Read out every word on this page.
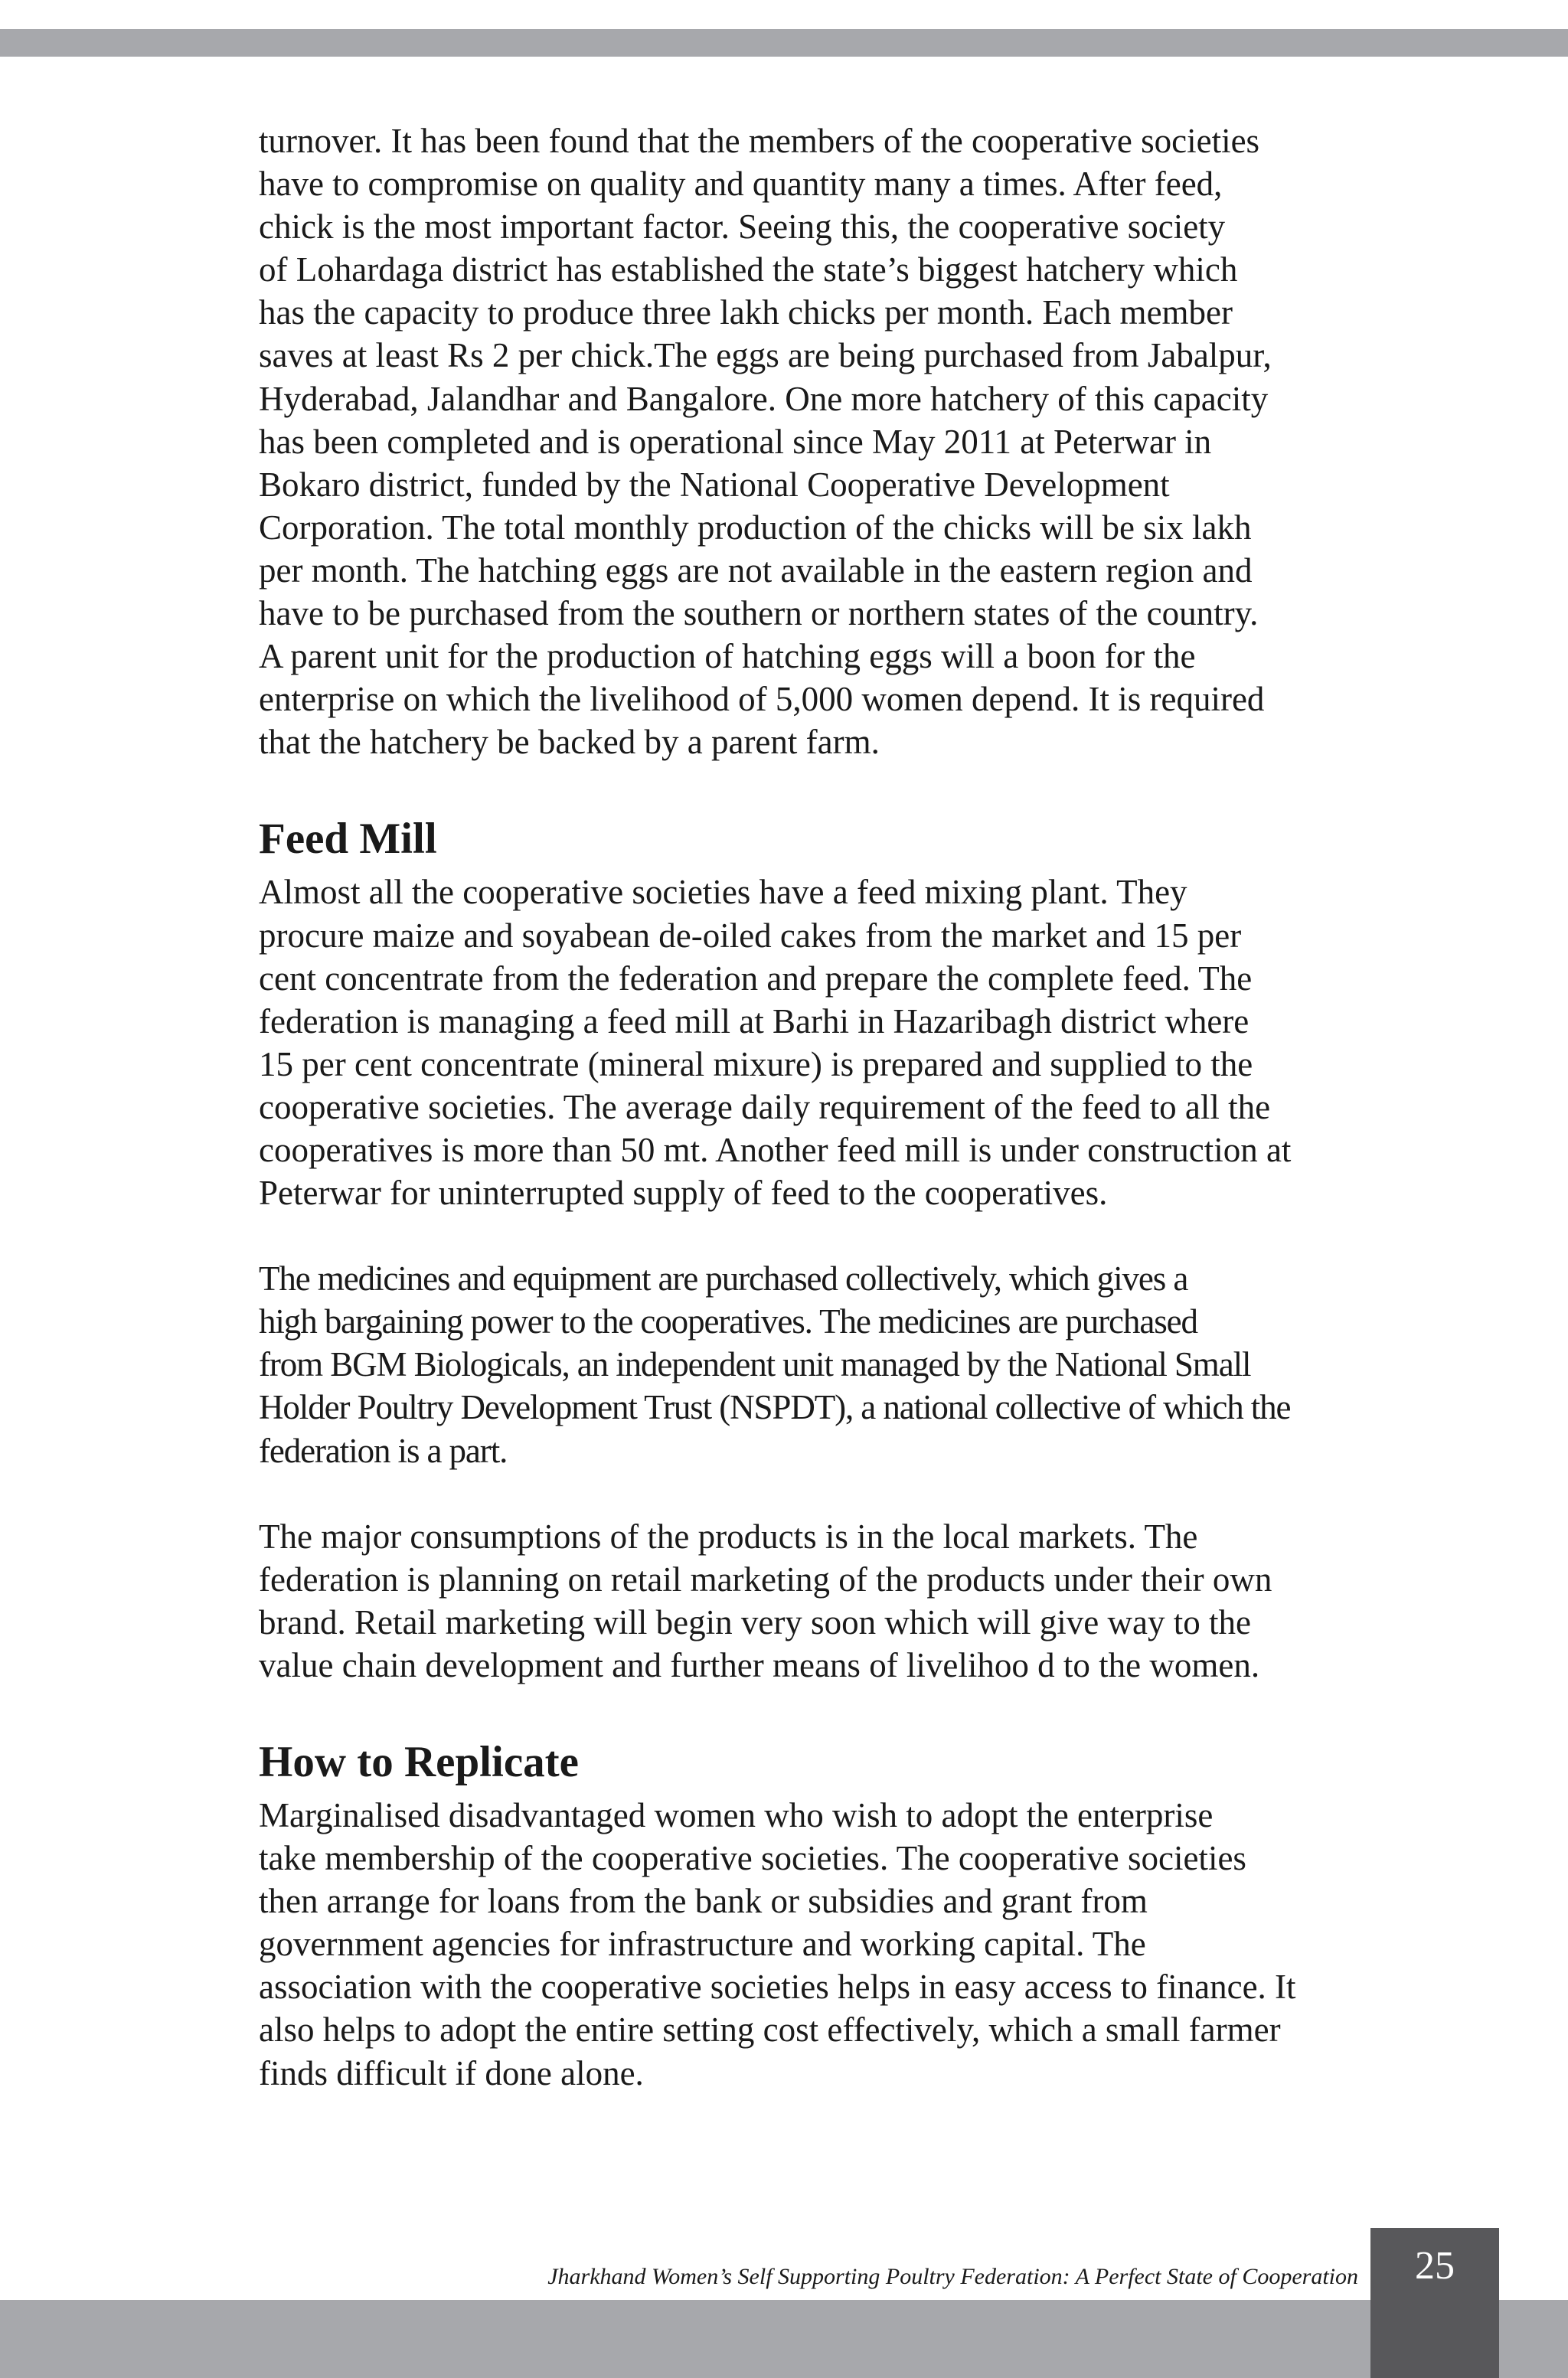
turnover. It has been found that the members of the cooperative societies
have to compromise on quality and quantity many a times. After feed,
chick is the most important factor. Seeing this, the cooperative society
of Lohardaga district has established the state’s biggest hatchery which
has the capacity to produce three lakh chicks per month. Each member
saves at least Rs 2 per chick.The eggs are being purchased from Jabalpur,
Hyderabad, Jalandhar and Bangalore. One more hatchery of this capacity
has been completed and is operational since May 2011 at Peterwar in
Bokaro district, funded by the National Cooperative Development
Corporation. The total monthly production of the chicks will be six lakh
per month. The hatching eggs are not available in the eastern region and
have to be purchased from the southern or northern states of the country.
A parent unit for the production of hatching eggs will a boon for the
enterprise on which the livelihood of 5,000 women depend. It is required
that the hatchery be backed by a parent farm.

Feed Mill

Almost all the cooperative societies have a feed mixing plant. They
procure maize and soyabean de-oiled cakes from the market and 15 per
cent concentrate from the federation and prepare the complete feed. The
federation is managing a feed mill at Barhi in Hazaribagh district where
15 per cent concentrate (mineral mixure) is prepared and supplied to the
cooperative societies. The average daily requirement of the feed to all the
cooperatives is more than 50 mt. Another feed mill is under construction at
Peterwar for uninterrupted supply of feed to the cooperatives.

The medicines and equipment are purchased collectively, which gives a
high bargaining power to the cooperatives. The medicines are purchased
from BGM Biologicals, an independent unit managed by the National Small
Holder Poultry Development Trust (NSPDT), a national collective of which the
federation is a part.

The major consumptions of the products is in the local markets. The
federation is planning on retail marketing of the products under their own
brand. Retail marketing will begin very soon which will give way to the
value chain development and further means of livelihoo d to the women.

How to Replicate

Marginalised disadvantaged women who wish to adopt the enterprise
take membership of the cooperative societies. The cooperative societies
then arrange for loans from the bank or subsidies and grant from
government agencies for infrastructure and working capital. The
association with the cooperative societies helps in easy access to finance. It
also helps to adopt the entire setting cost effectively, which a small farmer
finds difficult if done alone.

Jharkhand Women’s Self Supporting Poultry Federation: A Perfect State of Cooperation	25
